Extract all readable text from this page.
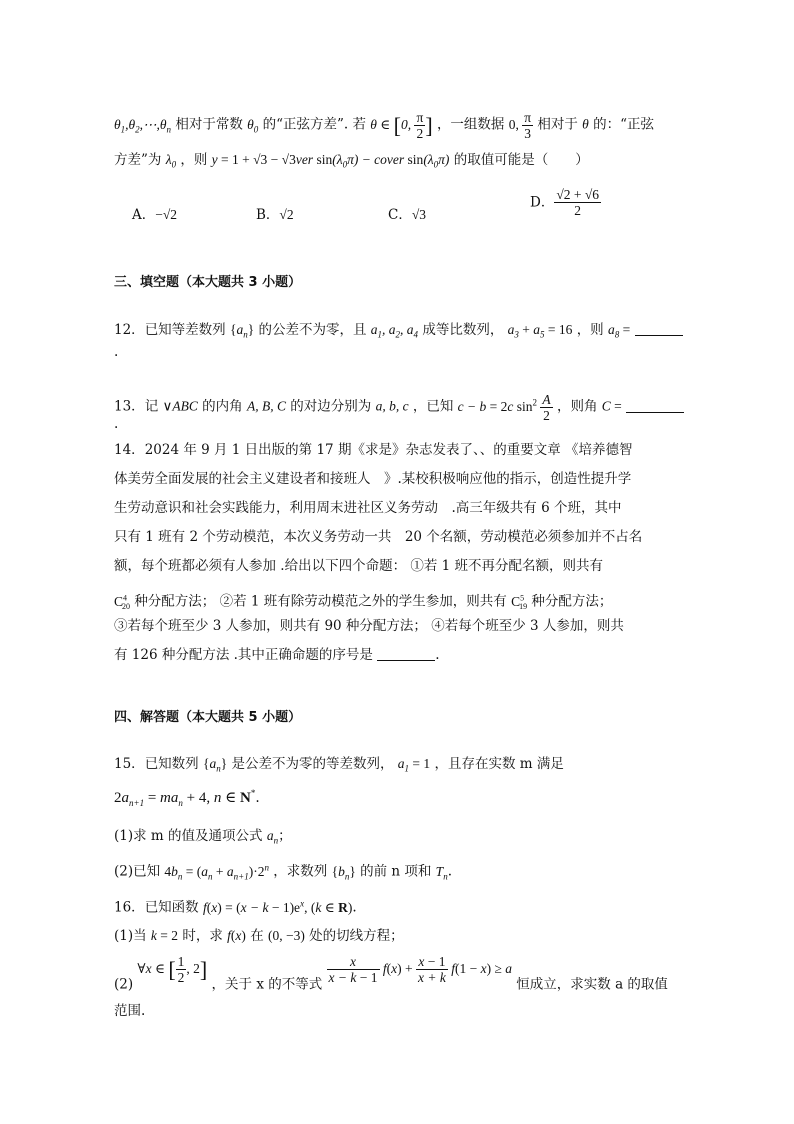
$\theta_1,\theta_2,\cdots,\theta_n$ 相对于常数 $\theta_0$ 的“正弦方差”. 若 θ ∈ [0, $\frac{\pi}{2}$ ] ，一组数据 0, $\frac{\pi}{3}$ 相对于 θ 的：“正弦
方差”为 $\lambda_0$ ，则 y = 1 + √3 − √3ver $\sin(\lambda_0\pi)$ − cover $\sin(\lambda_0\pi)$ 的取值可能是（　　）
A．−√2	B．√2	C．√3
D． $\frac{√2 + √6}{2}$
三、填空题（本大题共 3 小题）
12．已知等差数列 $\{a_n\}$ 的公差不为零，且 $a_1$, $a_2$, $a_4$ 成等比数列， $a_3 + a_5 = 16$ ，则 $a_8$ =
.
13．记 ∨ABC 的内角 A, B, C 的对边分别为 a, b, c ，已知 c − b = 2c $\sin^2 \frac{A}{2}$ ，则角 C =
.
14．2024 年 9 月 1 日出版的第 17 期《求是》杂志发表了、、的重要文章 《培养德智
体美劳全面发展的社会主义建设者和接班人　》.某校积极响应他的指示，创造性提升学
生劳动意识和社会实践能力，利用周末进社区义务劳动　.高三年级共有 6 个班，其中
只有 1 班有 2 个劳动模范，本次义务劳动一共　20 个名额，劳动模范必须参加并不占名
额，每个班都必须有人参加 .给出以下四个命题： ①若 1 班不再分配名额，则共有
$C^4_{20}$ 种分配方法； ②若 1 班有除劳动模范之外的学生参加，则共有 $C^5_{19}$ 种分配方法；
③若每个班至少 3 人参加，则共有 90 种分配方法； ④若每个班至少 3 人参加，则共
有 126 种分配方法 .其中正确命题的序号是	.
四、解答题（本大题共 5 小题）
15．已知数列 $\{a_n\}$ 是公差不为零的等差数列， $a_1 = 1$ ，且存在实数 m 满足
$2a_{n+1} = ma_n + 4$, n ∈ N*.
(1)求 m 的值及通项公式 $a_n$；
(2)已知 $4b_n = (a_n + a_{n+1})\cdot 2^n$ ，求数列 $\{b_n\}$ 的前 n 项和 $T_n$.
16．已知函数 $f(x) = (x - k - 1)e^x$, (k ∈ R).
(1)当 k = 2 时，求 f(x) 在 (0, −3) 处的切线方程；
(2) ∀x ∈ [ $\frac{1}{2}$ , 2] ，关于 x 的不等式 $\frac{x}{x - k - 1} f(x) + \frac{x - 1}{x + k} f(1 - x) \ge a$ 恒成立，求实数 a 的取值
范围.
